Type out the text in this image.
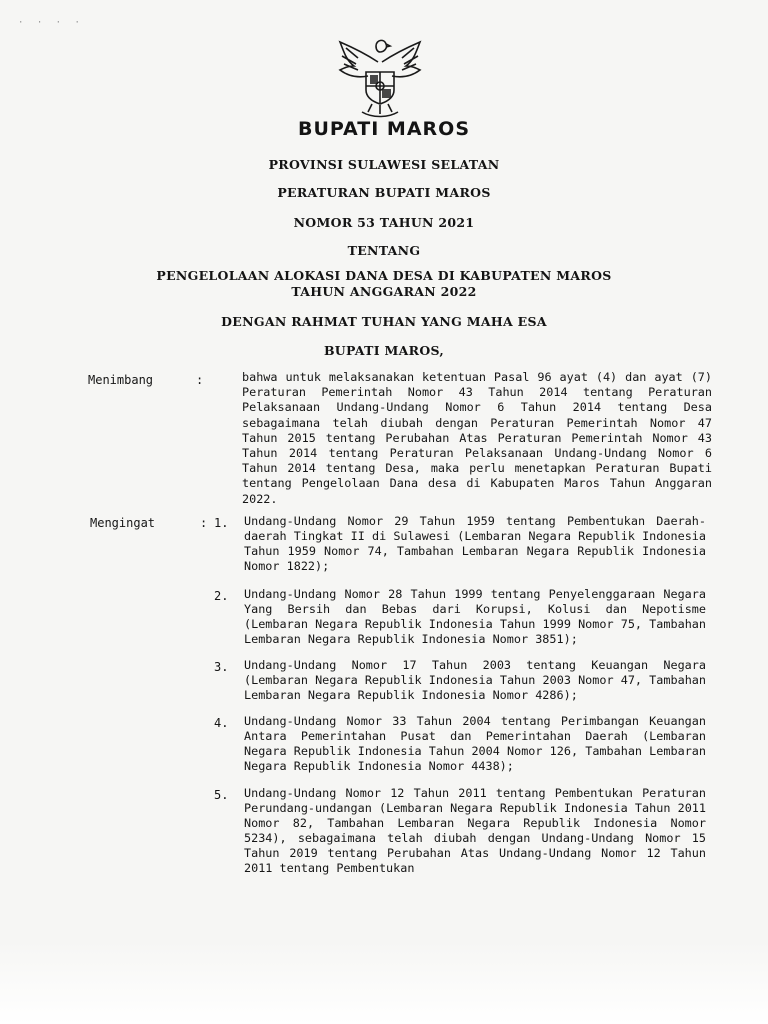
· · · ·
BUPATI MAROS
PROVINSI SULAWESI SELATAN
PERATURAN BUPATI MAROS
NOMOR 53 TAHUN 2021
TENTANG
PENGELOLAAN ALOKASI DANA DESA DI KABUPATEN MAROS
TAHUN ANGGARAN 2022
DENGAN RAHMAT TUHAN YANG MAHA ESA
BUPATI MAROS,
Menimbang	:	bahwa untuk melaksanakan ketentuan Pasal 96 ayat (4) dan ayat (7) Peraturan Pemerintah Nomor 43 Tahun 2014 tentang Peraturan Pelaksanaan Undang-Undang Nomor 6 Tahun 2014 tentang Desa sebagaimana telah diubah dengan Peraturan Pemerintah Nomor 47 Tahun 2015 tentang Perubahan Atas Peraturan Pemerintah Nomor 43 Tahun 2014 tentang Peraturan Pelaksanaan Undang-Undang Nomor 6 Tahun 2014 tentang Desa, maka perlu menetapkan Peraturan Bupati tentang Pengelolaan Dana desa di Kabupaten Maros Tahun Anggaran 2022.
Mengingat	: 1.	Undang-Undang Nomor 29 Tahun 1959 tentang Pembentukan Daerah-daerah Tingkat II di Sulawesi (Lembaran Negara Republik Indonesia Tahun 1959 Nomor 74, Tambahan Lembaran Negara Republik Indonesia Nomor 1822);
2.	Undang-Undang Nomor 28 Tahun 1999 tentang Penyelenggaraan Negara Yang Bersih dan Bebas dari Korupsi, Kolusi dan Nepotisme (Lembaran Negara Republik Indonesia Tahun 1999 Nomor 75, Tambahan Lembaran Negara Republik Indonesia Nomor 3851);
3.	Undang-Undang Nomor 17 Tahun 2003 tentang Keuangan Negara (Lembaran Negara Republik Indonesia Tahun 2003 Nomor 47, Tambahan Lembaran Negara Republik Indonesia Nomor 4286);
4.	Undang-Undang Nomor 33 Tahun 2004 tentang Perimbangan Keuangan Antara Pemerintahan Pusat dan Pemerintahan Daerah (Lembaran Negara Republik Indonesia Tahun 2004 Nomor 126, Tambahan Lembaran Negara Republik Indonesia Nomor 4438);
5.	Undang-Undang Nomor 12 Tahun 2011 tentang Pembentukan Peraturan Perundang-undangan (Lembaran Negara Republik Indonesia Tahun 2011 Nomor 82, Tambahan Lembaran Negara Republik Indonesia Nomor 5234), sebagaimana telah diubah dengan Undang-Undang Nomor 15 Tahun 2019 tentang Perubahan Atas Undang-Undang Nomor 12 Tahun 2011 tentang Pembentukan
